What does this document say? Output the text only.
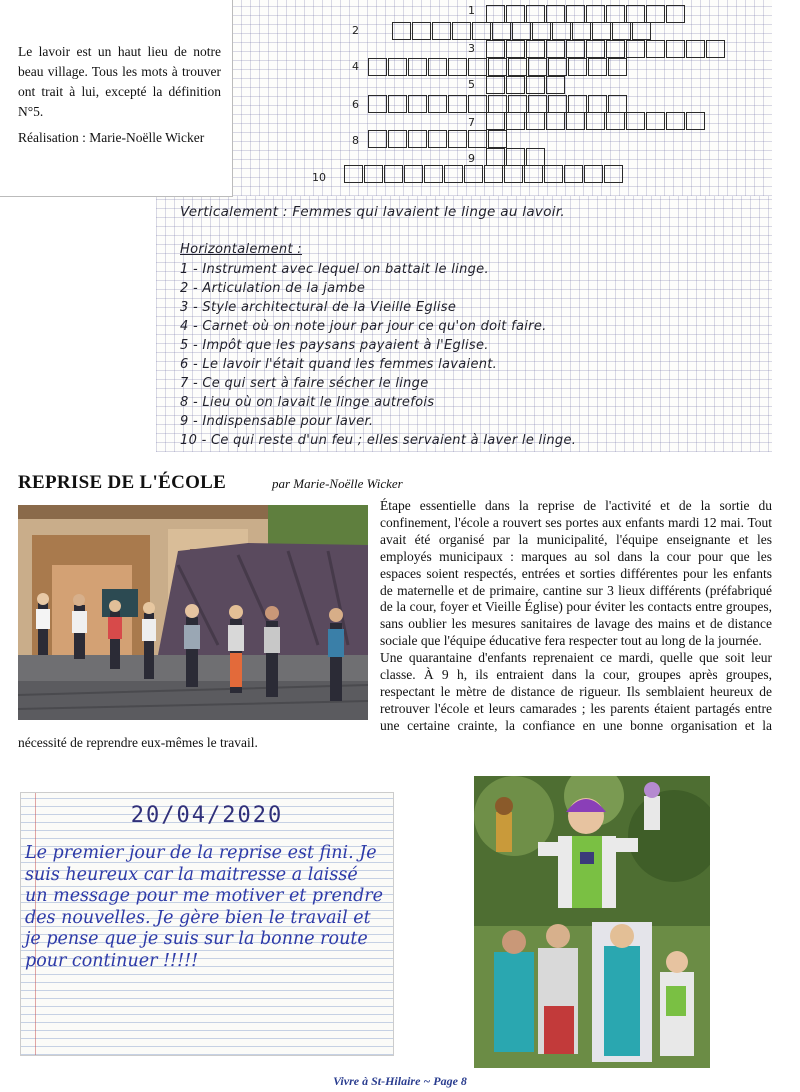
Le lavoir est un haut lieu de notre beau village. Tous les mots à trouver ont trait à lui, excepté la définition N°5.

Réalisation : Marie-Noëlle Wicker

1
2
3
4
5
6
7
8
9
10
Verticalement : Femmes qui lavaient le linge au lavoir.
Horizontalement :
1 - Instrument avec lequel on battait le linge.
2 - Articulation de la jambe
3 - Style architectural de la Vieille Eglise
4 - Carnet où on note jour par jour ce qu'on doit faire.
5 - Impôt que les paysans payaient à l'Eglise.
6 - Le lavoir l'était quand les femmes lavaient.
7 - Ce qui sert à faire sécher le linge
8 - Lieu où on lavait le linge autrefois
9 - Indispensable pour laver.
10 - Ce qui reste d'un feu ; elles servaient à laver le linge.
REPRISE DE L'ÉCOLE	par Marie-Noëlle Wicker

Étape essentielle dans la reprise de l'activité et de la sortie du confinement, l'école a rouvert ses portes aux enfants mardi 12 mai. Tout avait été organisé par la municipalité, l'équipe enseignante et les employés municipaux : marques au sol dans la cour pour que les espaces soient respectés, entrées et sorties différentes pour les enfants de maternelle et de primaire, cantine sur 3 lieux différents (préfabriqué de la cour, foyer et Vieille Église) pour éviter les contacts entre groupes, sans oublier les mesures sanitaires de lavage des mains et de distance sociale que l'équipe éducative fera respecter tout au long de la journée.

Une quarantaine d'enfants reprenaient ce mardi, quelle que soit leur classe. À 9 h, ils entraient dans la cour, groupes après groupes, respectant le mètre de distance de rigueur. Ils semblaient heureux de retrouver l'école et leurs camarades ; les parents étaient partagés entre une certaine crainte, la confiance en une bonne organisation et la nécessité de reprendre eux-mêmes le travail.

20/04/2020
Le premier jour de la reprise est fini. Je suis heureux car la maitresse a laissé un message pour me motiver et prendre des nouvelles. Je gère bien le travail et je pense que je suis sur la bonne route pour continuer !!!!!
Vivre à St-Hilaire ~ Page 8
